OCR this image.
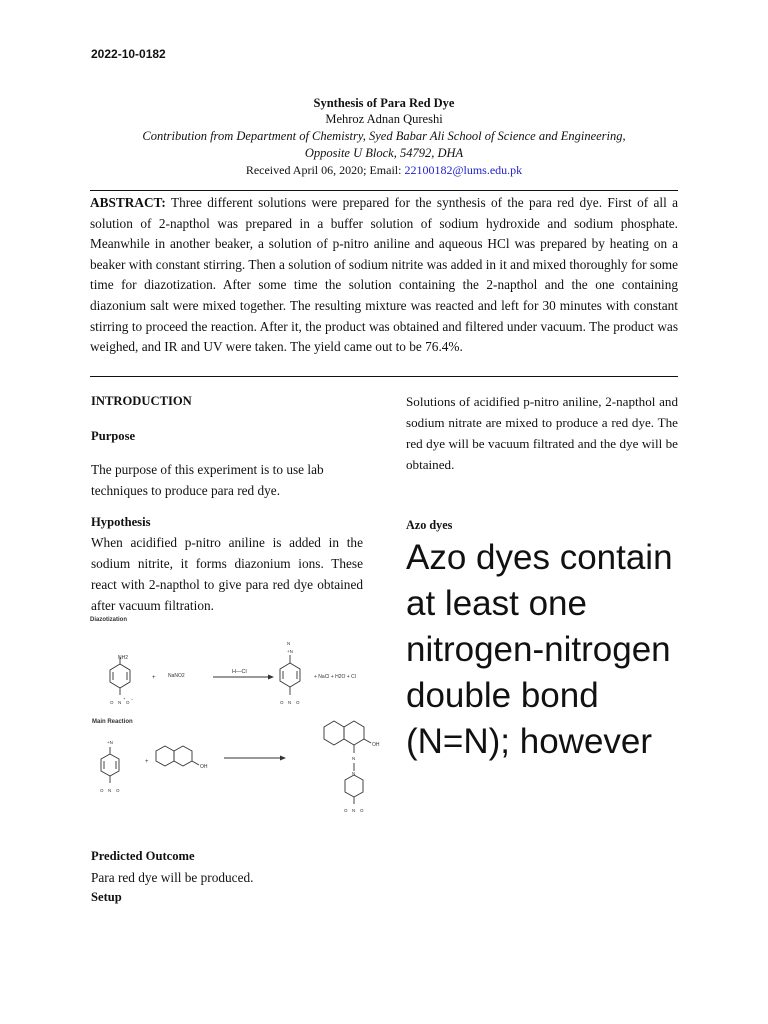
2022-10-0182
Synthesis of Para Red Dye
Mehroz Adnan Qureshi
Contribution from Department of Chemistry, Syed Babar Ali School of Science and Engineering,
Opposite U Block, 54792, DHA
Received April 06, 2020; Email: 22100182@lums.edu.pk

ABSTRACT: Three different solutions were prepared for the synthesis of the para red dye. First of all a solution of 2-napthol was prepared in a buffer solution of sodium hydroxide and sodium phosphate. Meanwhile in another beaker, a solution of p-nitro aniline and aqueous HCl was prepared by heating on a beaker with constant stirring. Then a solution of sodium nitrite was added in it and mixed thoroughly for some time for diazotization. After some time the solution containing the 2-napthol and the one containing diazonium salt were mixed together. The resulting mixture was reacted and left for 30 minutes with constant stirring to proceed the reaction. After it, the product was obtained and filtered under vacuum. The product was weighed, and IR and UV were taken. The yield came out to be 76.4%.

INTRODUCTION
Purpose

The purpose of this experiment is to use lab techniques to produce para red dye.

Hypothesis

When acidified p-nitro aniline is added in the sodium nitrite, it forms diazonium ions. These react with 2-napthol to give para red dye obtained after vacuum filtration.

Diazotization
NH2
O N
+
O
−
+ NaNO2
H—Cl
+N
N
O N O
+ NaCl + H2O + Cl
Main Reaction
+N
O N O
+
OH
OH
N
N
O N O
Predicted Outcome

Para red dye will be produced.

Setup

Solutions of acidified p-nitro aniline, 2-napthol and sodium nitrate are mixed to produce a red dye. The red dye will be vacuum filtrated and the dye will be obtained.

Azo dyes

Azo dyes contain at least one nitrogen-nitrogen double bond (N=N); however
